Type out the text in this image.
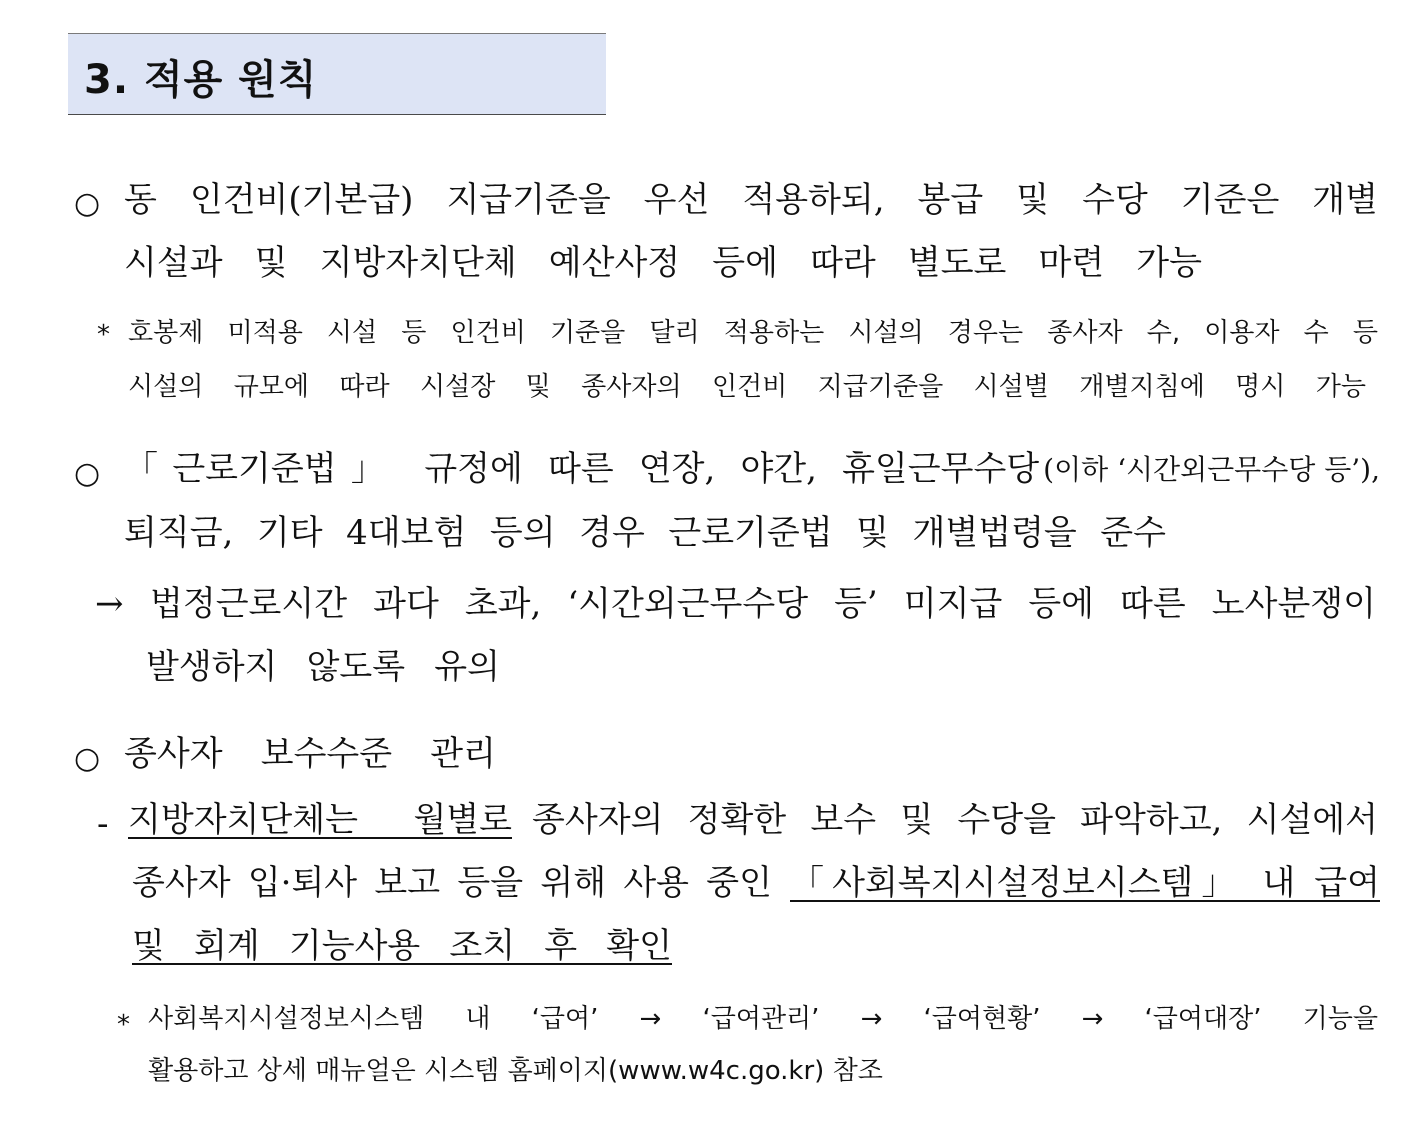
3. 적용 원칙
○ 동 인건비(기본급) 지급기준을 우선 적용하되, 봉급 및 수당 기준은 개별
시설과 및 지방자치단체 예산사정 등에 따라 별도로 마련 가능
* 호봉제 미적용 시설 등 인건비 기준을 달리 적용하는 시설의 경우는 종사자 수, 이용자 수 등
시설의 규모에 따라 시설장 및 종사자의 인건비 지급기준을 시설별 개별지침에 명시 가능
○ 「근로기준법」 규정에 따른 연장, 야간, 휴일근무수당 (이하 ‘시간외근무수당 등’),
퇴직금, 기타 4대보험 등의 경우 근로기준법 및 개별법령을 준수
→ 법정근로시간 과다 초과, ‘시간외근무수당 등’ 미지급 등에 따른 노사분쟁이
발생하지 않도록 유의
○ 종사자 보수수준 관리
- 지방자치단체는 월별로 종사자의 정확한 보수 및 수당을 파악하고, 시설에서
종사자 입·퇴사 보고 등을 위해 사용 중인 「사회복지시설정보시스템」 내 급여
및 회계 기능사용 조치 후 확인
* 사회복지시설정보시스템 내 ‘급여’ → ‘급여관리’ → ‘급여현황’ → ‘급여대장’ 기능을
활용하고 상세 매뉴얼은 시스템 홈페이지(www.w4c.go.kr) 참조
